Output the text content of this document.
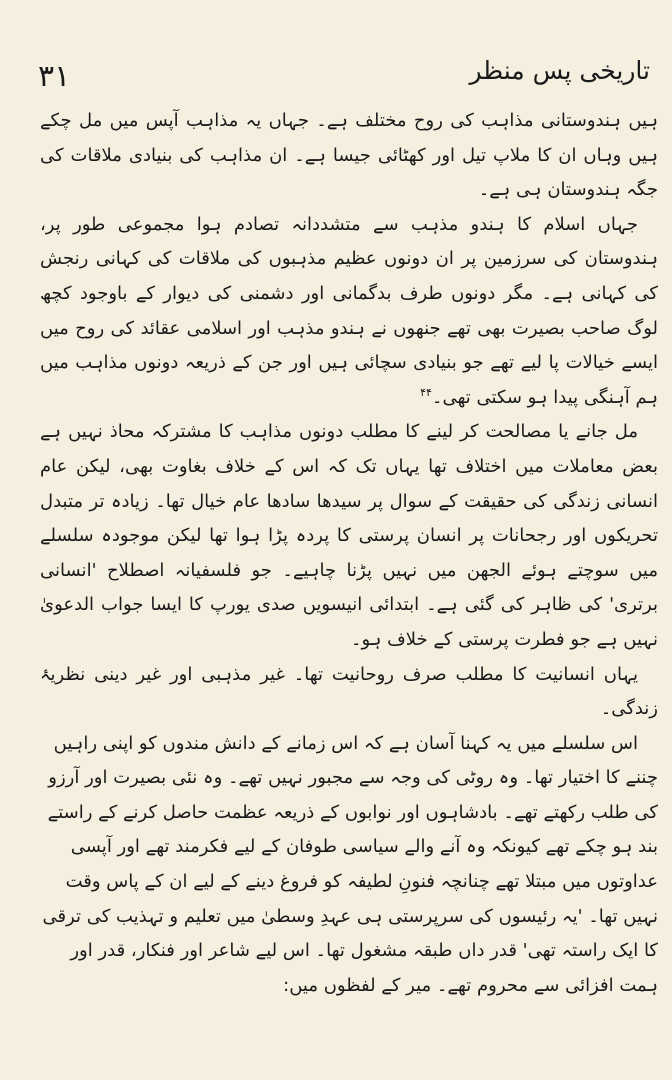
۳۱	تاریخی پس منظر

ہیں ہندوستانی مذاہب کی روح مختلف ہے۔ جہاں یہ مذاہب آپس میں مل چکے ہیں وہاں ان کا ملاپ تیل اور کھٹائی جیسا ہے۔ ان مذاہب کی بنیادی ملاقات کی جگہ ہندوستان ہی ہے۔

جہاں اسلام کا ہندو مذہب سے متشددانہ تصادم ہوا مجموعی طور پر، ہندوستان کی سرزمین پر ان دونوں عظیم مذہبوں کی ملاقات کی کہانی رنجش کی کہانی ہے۔ مگر دونوں طرف بدگمانی اور دشمنی کی دیوار کے باوجود کچھ لوگ صاحب بصیرت بھی تھے جنھوں نے ہندو مذہب اور اسلامی عقائد کی روح میں ایسے خیالات پا لیے تھے جو بنیادی سچائی ہیں اور جن کے ذریعہ دونوں مذاہب میں ہم آہنگی پیدا ہو سکتی تھی۔$^{۴۴}$

مل جانے یا مصالحت کر لینے کا مطلب دونوں مذاہب کا مشترکہ محاذ نہیں ہے بعض معاملات میں اختلاف تھا یہاں تک کہ اس کے خلاف بغاوت بھی، لیکن عام انسانی زندگی کی حقیقت کے سوال پر سیدھا سادھا عام خیال تھا۔ زیادہ تر متبدل تحریکوں اور رجحانات پر انسان پرستی کا پردہ پڑا ہوا تھا لیکن موجودہ سلسلے میں سوچتے ہوئے الجھن میں نہیں پڑنا چاہیے۔ جو فلسفیانہ اصطلاح 'انسانی برتری' کی ظاہر کی گئی ہے۔ ابتدائی انیسویں صدی یورپ کا ایسا جواب الدعویٰ نہیں ہے جو فطرت پرستی کے خلاف ہو۔

یہاں انسانیت کا مطلب صرف روحانیت تھا۔ غیر مذہبی اور غیر دینی نظریۂ زندگی۔

اس سلسلے میں یہ کہنا آسان ہے کہ اس زمانے کے دانش مندوں کو اپنی راہیں چننے کا اختیار تھا۔ وہ روٹی کی وجہ سے مجبور نہیں تھے۔ وہ نئی بصیرت اور آرزو کی طلب رکھتے تھے۔ بادشاہوں اور نوابوں کے ذریعہ عظمت حاصل کرنے کے راستے بند ہو چکے تھے کیونکہ وہ آنے والے سیاسی طوفان کے لیے فکرمند تھے اور آپسی عداوتوں میں مبتلا تھے چنانچہ فنونِ لطیفہ کو فروغ دینے کے لیے ان کے پاس وقت نہیں تھا۔ 'یہ رئیسوں کی سرپرستی ہی عہدِ وسطیٰ میں تعلیم و تہذیب کی ترقی کا ایک راستہ تھی' قدر داں طبقہ مشغول تھا۔ اس لیے شاعر اور فنکار، قدر اور ہمت افزائی سے محروم تھے۔ میر کے لفظوں میں:
